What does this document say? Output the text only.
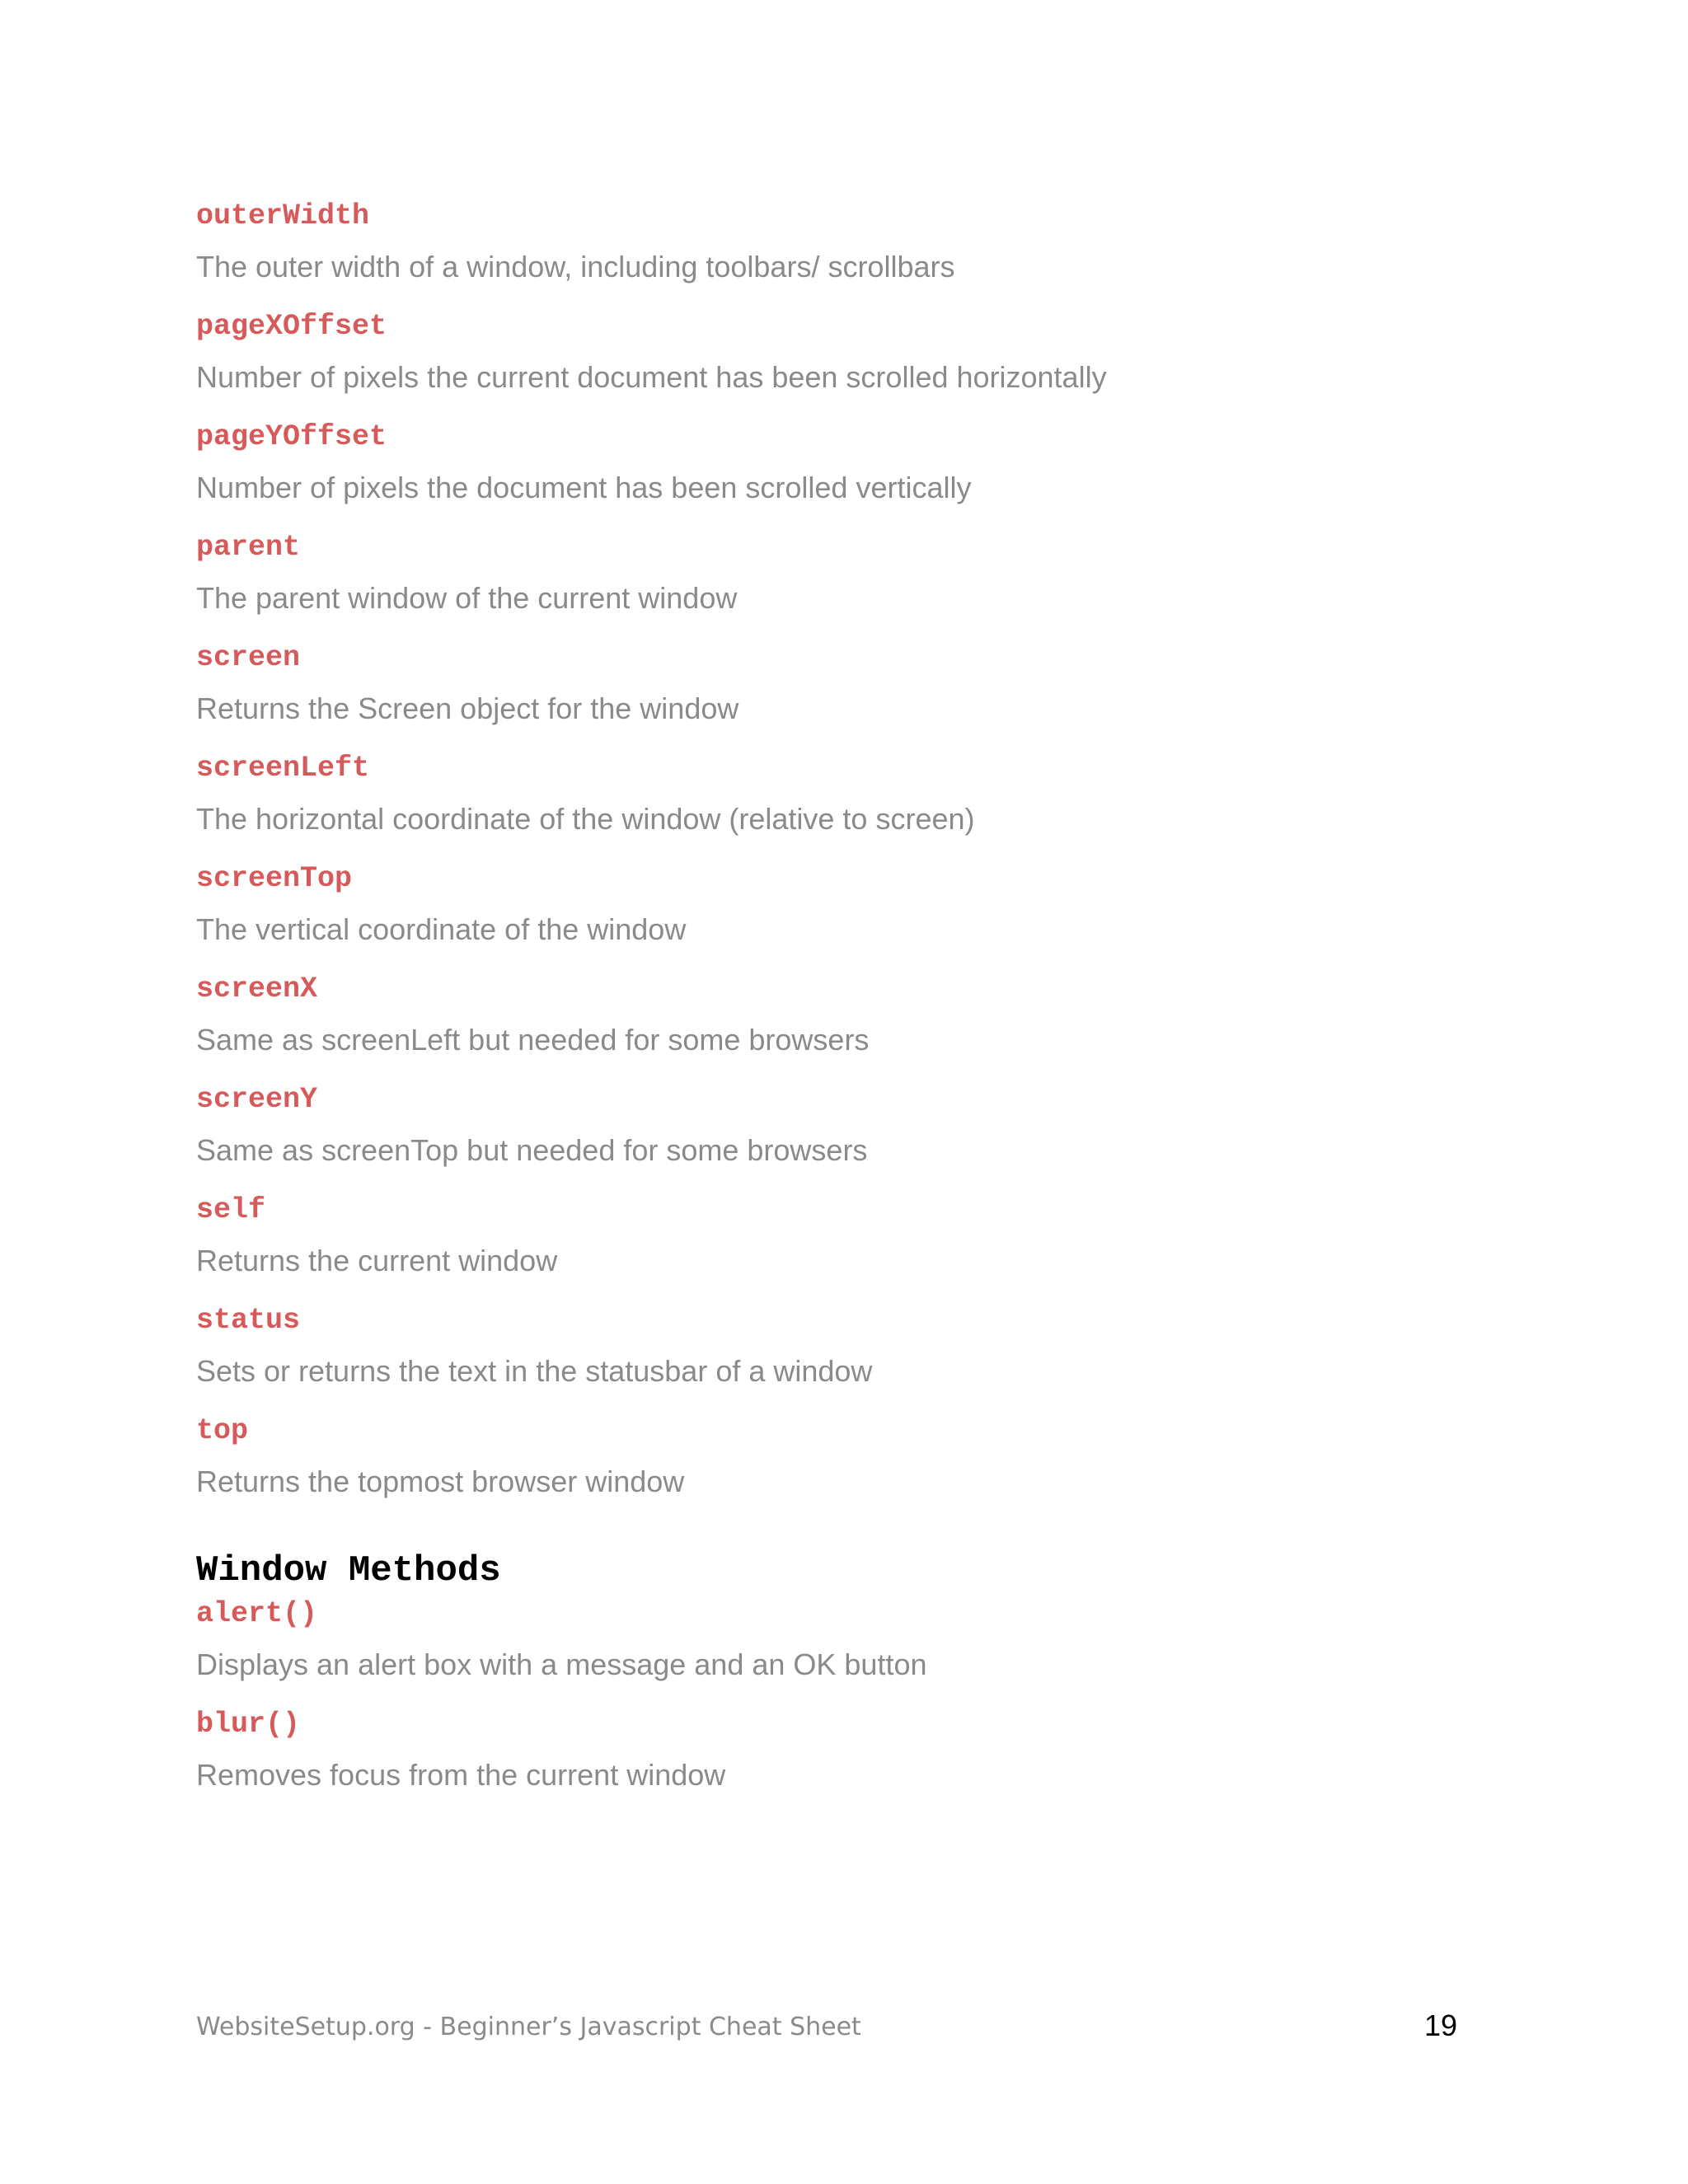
outerWidth
The outer width of a window, including toolbars/ scrollbars
pageXOffset
Number of pixels the current document has been scrolled horizontally
pageYOffset
Number of pixels the document has been scrolled vertically
parent
The parent window of the current window
screen
Returns the Screen object for the window
screenLeft
The horizontal coordinate of the window (relative to screen)
screenTop
The vertical coordinate of the window
screenX
Same as screenLeft but needed for some browsers
screenY
Same as screenTop but needed for some browsers
self
Returns the current window
status
Sets or returns the text in the statusbar of a window
top
Returns the topmost browser window
Window Methods
alert()
Displays an alert box with a message and an OK button
blur()
Removes focus from the current window
WebsiteSetup.org - Beginner’s Javascript Cheat Sheet	19
